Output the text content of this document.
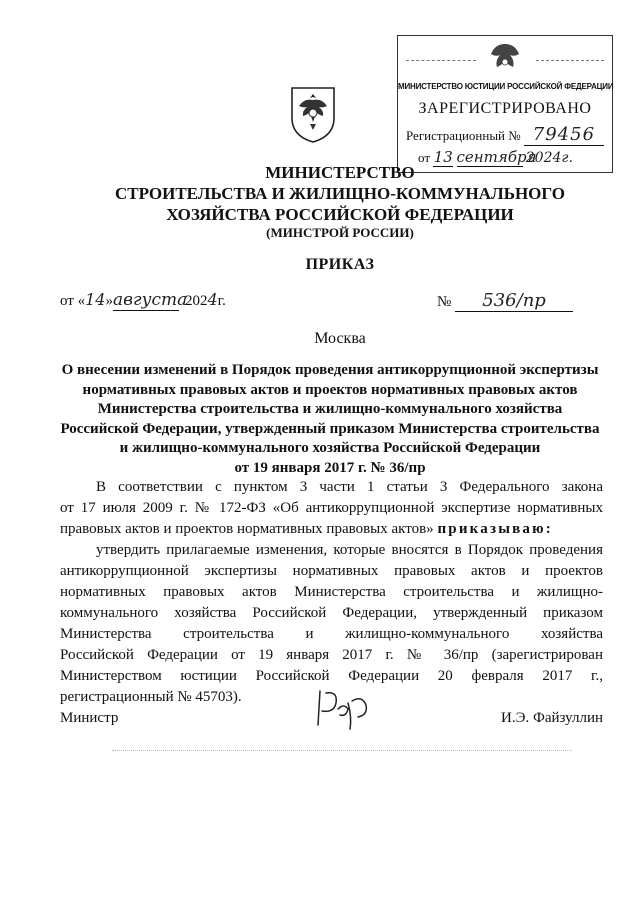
МИНИСТЕРСТВО ЮСТИЦИИ РОССИЙСКОЙ ФЕДЕРАЦИИ
ЗАРЕГИСТРИРОВАНО
Регистрационный № 79456
от 13 сентября 2024г.
МИНИСТЕРСТВО
СТРОИТЕЛЬСТВА И ЖИЛИЩНО-КОММУНАЛЬНОГО
ХОЗЯЙСТВА РОССИЙСКОЙ ФЕДЕРАЦИИ
(МИНСТРОЙ РОССИИ)
ПРИКАЗ
от «14»августа2024г.	№ 536/пр
Москва
О внесении изменений в Порядок проведения антикоррупционной экспертизы
нормативных правовых актов и проектов нормативных правовых актов
Министерства строительства и жилищно-коммунального хозяйства
Российской Федерации, утвержденный приказом Министерства строительства
и жилищно-коммунального хозяйства Российской Федерации
от 19 января 2017 г. № 36/пр
В соответствии с пунктом 3 части 1 статьи 3 Федерального закона
от 17 июля 2009 г. № 172-ФЗ «Об антикоррупционной экспертизе нормативных
правовых актов и проектов нормативных правовых актов» приказываю:
утвердить прилагаемые изменения, которые вносятся в Порядок проведения
антикоррупционной экспертизы нормативных правовых актов и проектов
нормативных правовых актов Министерства строительства и жилищно-
коммунального хозяйства Российской Федерации, утвержденный приказом
Министерства строительства и жилищно-коммунального хозяйства
Российской Федерации от 19 января 2017 г. № 36/пр (зарегистрирован
Министерством юстиции Российской Федерации 20 февраля 2017 г.,
регистрационный № 45703).
Министр	И.Э. Файзуллин
